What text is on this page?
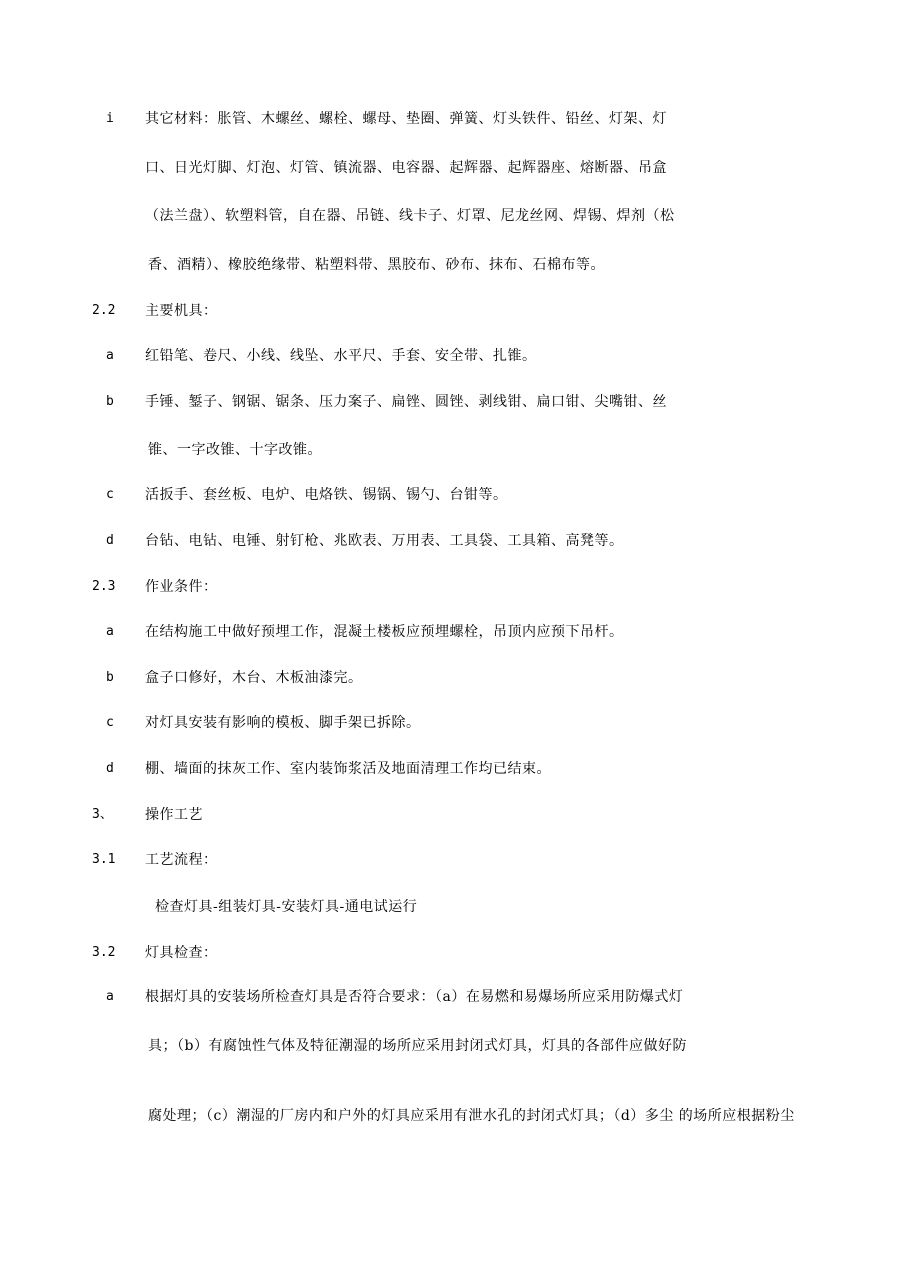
i 其它材料：胀管、木螺丝、螺栓、螺母、垫圈、弹簧、灯头铁件、铅丝、灯架、灯
口、日光灯脚、灯泡、灯管、镇流器、电容器、起辉器、起辉器座、熔断器、吊盒
（法兰盘）、软塑料管，自在器、吊链、线卡子、灯罩、尼龙丝网、焊锡、焊剂（松
香、酒精）、橡胶绝缘带、粘塑料带、黑胶布、砂布、抹布、石棉布等。
2.2 主要机具：
a 红铅笔、卷尺、小线、线坠、水平尺、手套、安全带、扎锥。
b 手锤、錾子、钢锯、锯条、压力案子、扁锉、圆锉、剥线钳、扁口钳、尖嘴钳、丝
锥、一字改锥、十字改锥。
c 活扳手、套丝板、电炉、电烙铁、锡锅、锡勺、台钳等。
d 台钻、电钻、电锤、射钉枪、兆欧表、万用表、工具袋、工具箱、高凳等。
2.3 作业条件：
a 在结构施工中做好预埋工作，混凝土楼板应预埋螺栓，吊顶内应预下吊杆。
b 盒子口修好，木台、木板油漆完。
c 对灯具安装有影响的模板、脚手架已拆除。
d 棚、墙面的抹灰工作、室内装饰浆活及地面清理工作均已结束。
3、 操作工艺
3.1 工艺流程：
检查灯具-组装灯具-安装灯具-通电试运行
3.2 灯具检查：
a 根据灯具的安装场所检查灯具是否符合要求：（a）在易燃和易爆场所应采用防爆式灯
具；（b）有腐蚀性气体及特征潮湿的场所应采用封闭式灯具，灯具的各部件应做好防
腐处理；（c）潮湿的厂房内和户外的灯具应采用有泄水孔的封闭式灯具；（d）多尘 的场所应根据粉尘
